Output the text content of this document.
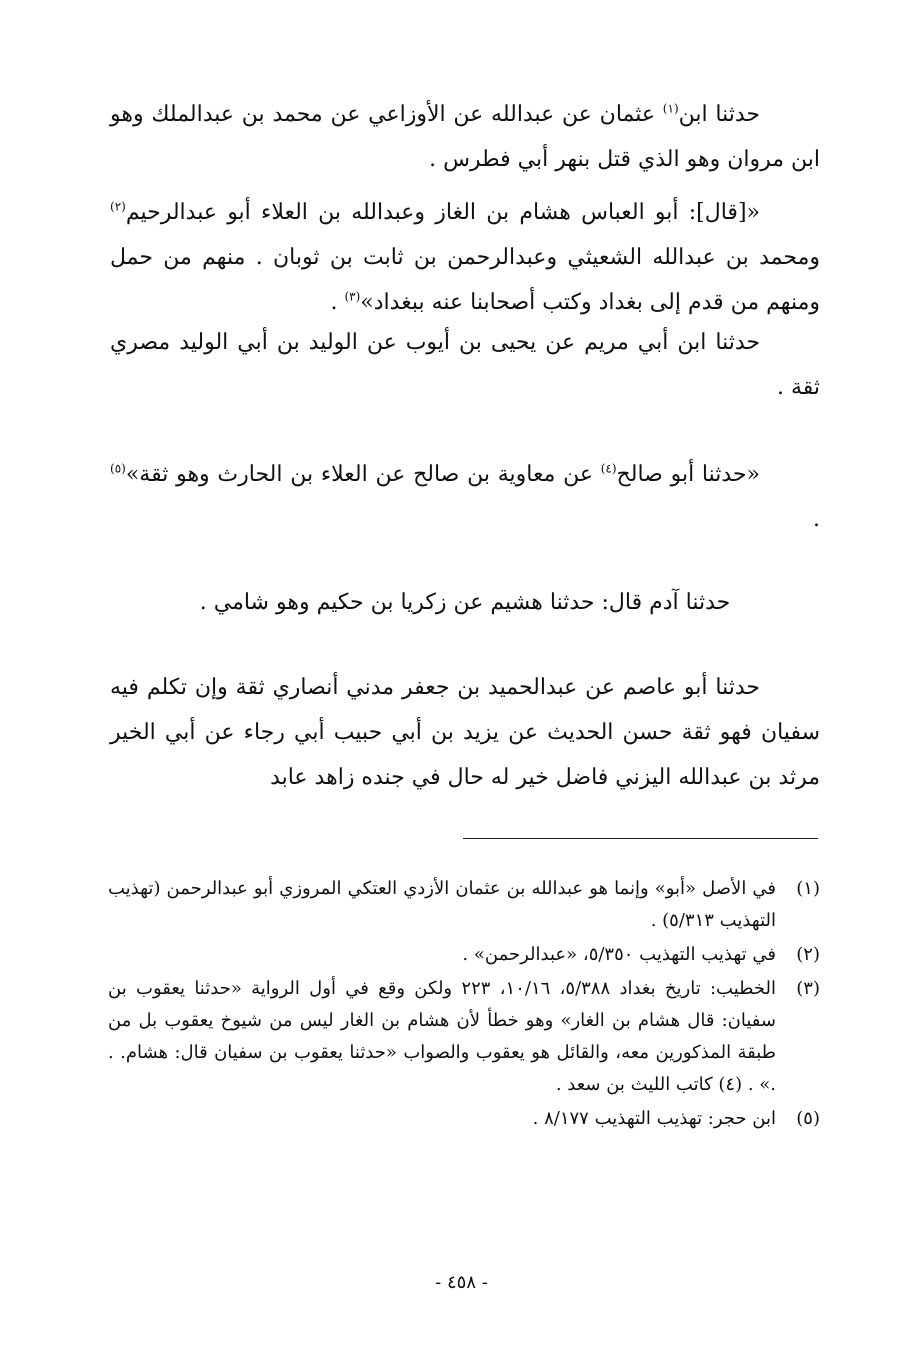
حدثنا ابن$^{(١)}$ عثمان عن عبدالله عن الأوزاعي عن محمد بن عبدالملك وهو ابن مروان وهو الذي قتل بنهر أبي فطرس .

«[قال]: أبو العباس هشام بن الغاز وعبدالله بن العلاء أبو عبدالرحيم$^{(٢)}$ ومحمد بن عبدالله الشعيثي وعبدالرحمن بن ثابت بن ثوبان . منهم من حمل ومنهم من قدم إلى بغداد وكتب أصحابنا عنه ببغداد»$^{(٣)}$ .

حدثنا ابن أبي مريم عن يحيى بن أيوب عن الوليد بن أبي الوليد مصري ثقة .

«حدثنا أبو صالح$^{(٤)}$ عن معاوية بن صالح عن العلاء بن الحارث وهو ثقة»$^{(٥)}$ .

حدثنا آدم قال: حدثنا هشيم عن زكريا بن حكيم وهو شامي .

حدثنا أبو عاصم عن عبدالحميد بن جعفر مدني أنصاري ثقة وإن تكلم فيه سفيان فهو ثقة حسن الحديث عن يزيد بن أبي حبيب أبي رجاء عن أبي الخير مرثد بن عبدالله اليزني فاضل خير له حال في جنده زاهد عابد

(١)
في الأصل «أبو» وإنما هو عبدالله بن عثمان الأزدي العتكي المروزي أبو عبدالرحمن (تهذيب التهذيب ٥/٣١٣) .
(٢)
في تهذيب التهذيب ٥/٣٥٠، «عبدالرحمن» .
(٣)
الخطيب: تاريخ بغداد ٥/٣٨٨، ١٠/١٦، ٢٢٣ ولكن وقع في أول الرواية «حدثنا يعقوب بن سفيان: قال هشام بن الغار» وهو خطأ لأن هشام بن الغار ليس من شيوخ يعقوب بل من طبقة المذكورين معه، والقائل هو يعقوب والصواب «حدثنا يعقوب بن سفيان قال: هشام. . .» . (٤) كاتب الليث بن سعد .
(٥)
ابن حجر: تهذيب التهذيب ٨/١٧٧ .
- ٤٥٨ -
